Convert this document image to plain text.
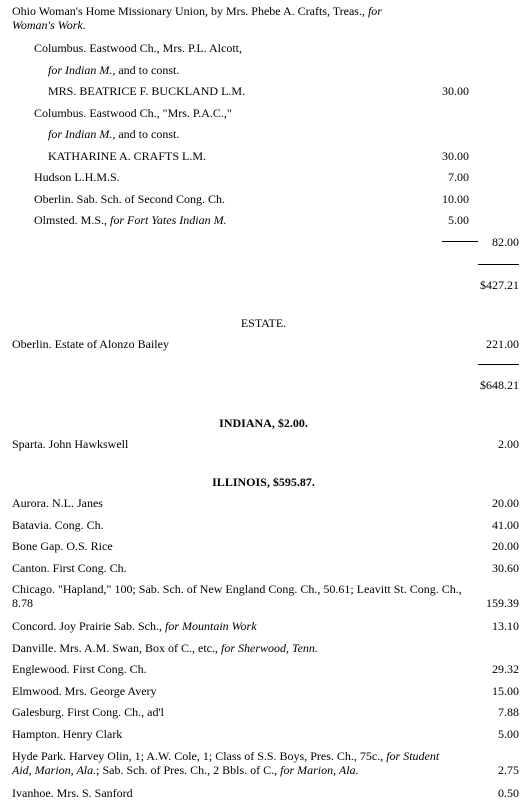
Ohio Woman's Home Missionary Union, by Mrs. Phebe A. Crafts, Treas., for
Woman's Work.
Columbus. Eastwood Ch., Mrs. P.L. Alcott,
for Indian M., and to const.
MRS. BEATRICE F. BUCKLAND L.M.	30.00
Columbus. Eastwood Ch., "Mrs. P.A.C.,"
for Indian M., and to const.
KATHARINE A. CRAFTS L.M.	30.00
Hudson L.H.M.S.	7.00
Oberlin. Sab. Sch. of Second Cong. Ch.	10.00
Olmsted. M.S., for Fort Yates Indian M.	5.00
82.00
$427.21
ESTATE.
Oberlin. Estate of Alonzo Bailey	221.00
$648.21
INDIANA, $2.00.
Sparta. John Hawkswell	2.00
ILLINOIS, $595.87.
Aurora. N.L. Janes	20.00
Batavia. Cong. Ch.	41.00
Bone Gap. O.S. Rice	20.00
Canton. First Cong. Ch.	30.60
Chicago. "Hapland," 100; Sab. Sch. of New England Cong. Ch., 50.61; Leavitt St. Cong. Ch.,
8.78	159.39
Concord. Joy Prairie Sab. Sch., for Mountain Work	13.10
Danville. Mrs. A.M. Swan, Box of C., etc., for Sherwood, Tenn.
Englewood. First Cong. Ch.	29.32
Elmwood. Mrs. George Avery	15.00
Galesburg. First Cong. Ch., ad'l	7.88
Hampton. Henry Clark	5.00
Hyde Park. Harvey Olin, 1; A.W. Cole, 1; Class of S.S. Boys, Pres. Ch., 75c., for Student
Aid, Marion, Ala.; Sab. Sch. of Pres. Ch., 2 Bbls. of C., for Marion, Ala.	2.75
Ivanhoe. Mrs. S. Sanford	0.50
